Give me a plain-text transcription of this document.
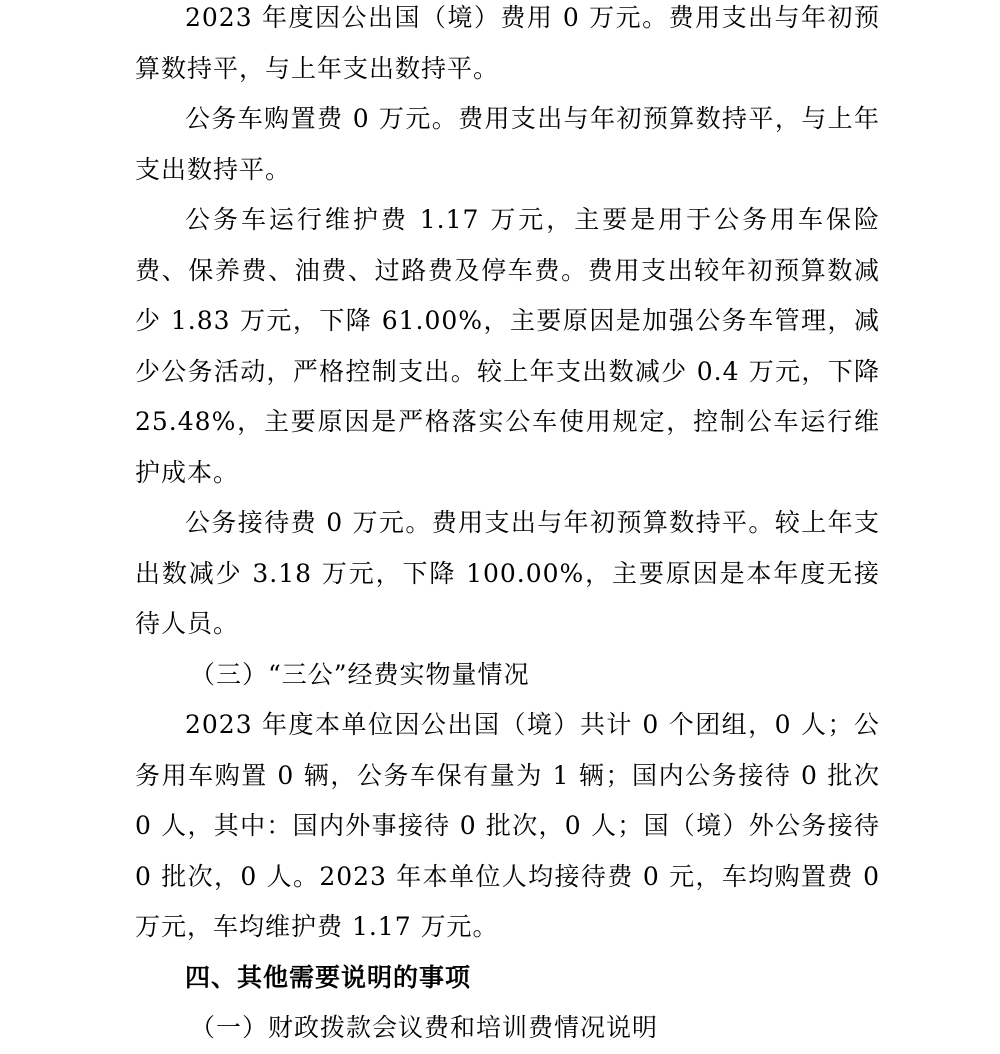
2023 年度因公出国（境）费用 0 万元。费用支出与年初预算数持平，与上年支出数持平。

公务车购置费 0 万元。费用支出与年初预算数持平，与上年支出数持平。

公务车运行维护费 1.17 万元，主要是用于公务用车保险费、保养费、油费、过路费及停车费。费用支出较年初预算数减少 1.83 万元，下降 61.00%，主要原因是加强公务车管理，减少公务活动，严格控制支出。较上年支出数减少 0.4 万元，下降 25.48%，主要原因是严格落实公车使用规定，控制公车运行维护成本。

公务接待费 0 万元。费用支出与年初预算数持平。较上年支出数减少 3.18 万元，下降 100.00%，主要原因是本年度无接待人员。

（三）“三公”经费实物量情况

2023 年度本单位因公出国（境）共计 0 个团组，0 人；公务用车购置 0 辆，公务车保有量为 1 辆；国内公务接待 0 批次 0 人，其中：国内外事接待 0 批次，0 人；国（境）外公务接待 0 批次，0 人。2023 年本单位人均接待费 0 元，车均购置费 0 万元，车均维护费 1.17 万元。

四、其他需要说明的事项

（一）财政拨款会议费和培训费情况说明
